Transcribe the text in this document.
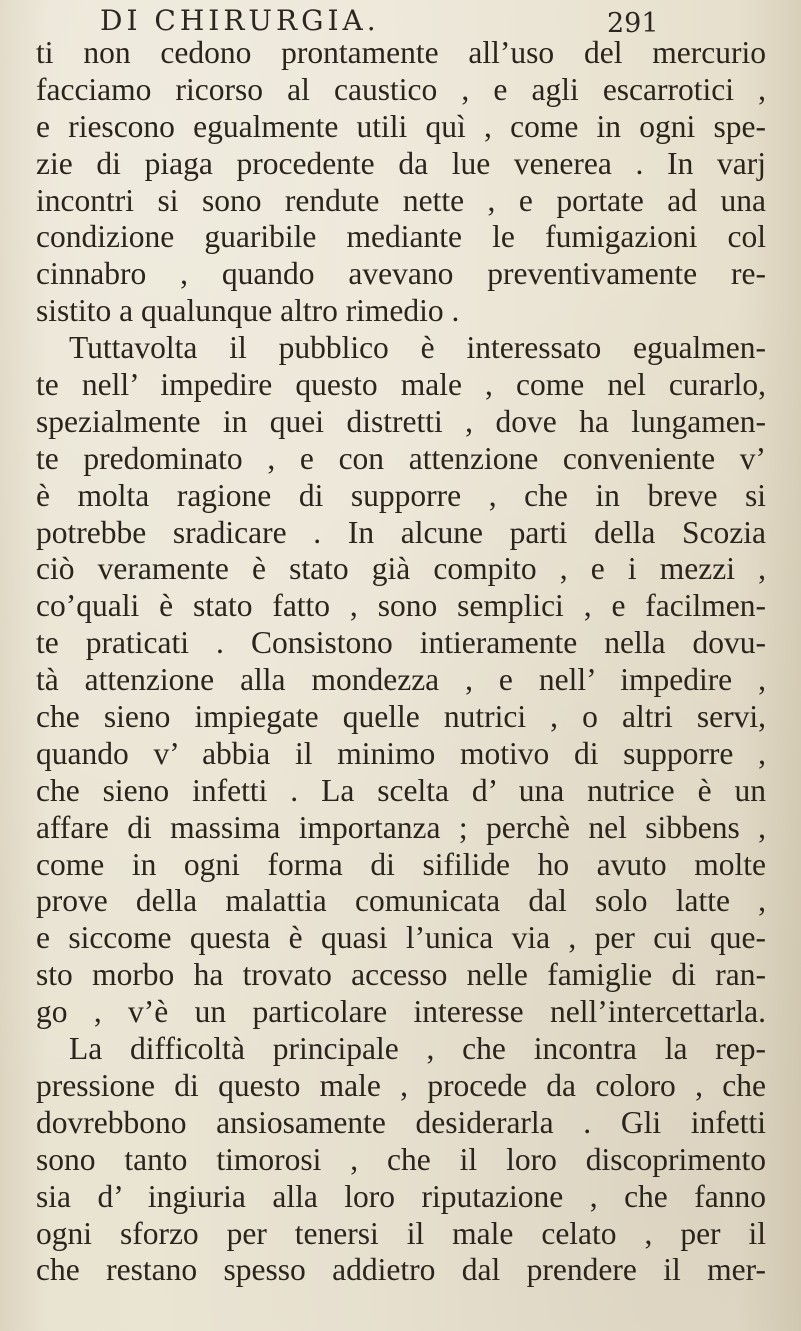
DI CHIRURGIA.	291
ti non cedono prontamente all’uso del mercurio
facciamo ricorso al caustico , e agli escarrotici ,
e riescono egualmente utili quì , come in ogni spe-
zie di piaga procedente da lue venerea . In varj
incontri si sono rendute nette , e portate ad una
condizione guaribile mediante le fumigazioni col
cinnabro , quando avevano preventivamente re-
sistito a qualunque altro rimedio .
Tuttavolta il pubblico è interessato egualmen-
te nell’ impedire questo male , come nel curarlo,
spezialmente in quei distretti , dove ha lungamen-
te predominato , e con attenzione conveniente v’
è molta ragione di supporre , che in breve si
potrebbe sradicare . In alcune parti della Scozia
ciò veramente è stato già compito , e i mezzi ,
co’quali è stato fatto , sono semplici , e facilmen-
te praticati . Consistono intieramente nella dovu-
tà attenzione alla mondezza , e nell’ impedire ,
che sieno impiegate quelle nutrici , o altri servi,
quando v’ abbia il minimo motivo di supporre ,
che sieno infetti . La scelta d’ una nutrice è un
affare di massima importanza ; perchè nel sibbens ,
come in ogni forma di sifilide ho avuto molte
prove della malattia comunicata dal solo latte ,
e siccome questa è quasi l’unica via , per cui que-
sto morbo ha trovato accesso nelle famiglie di ran-
go , v’è un particolare interesse nell’intercettarla.
La difficoltà principale , che incontra la rep-
pressione di questo male , procede da coloro , che
dovrebbono ansiosamente desiderarla . Gli infetti
sono tanto timorosi , che il loro discoprimento
sia d’ ingiuria alla loro riputazione , che fanno
ogni sforzo per tenersi il male celato , per il
che restano spesso addietro dal prendere il mer-
